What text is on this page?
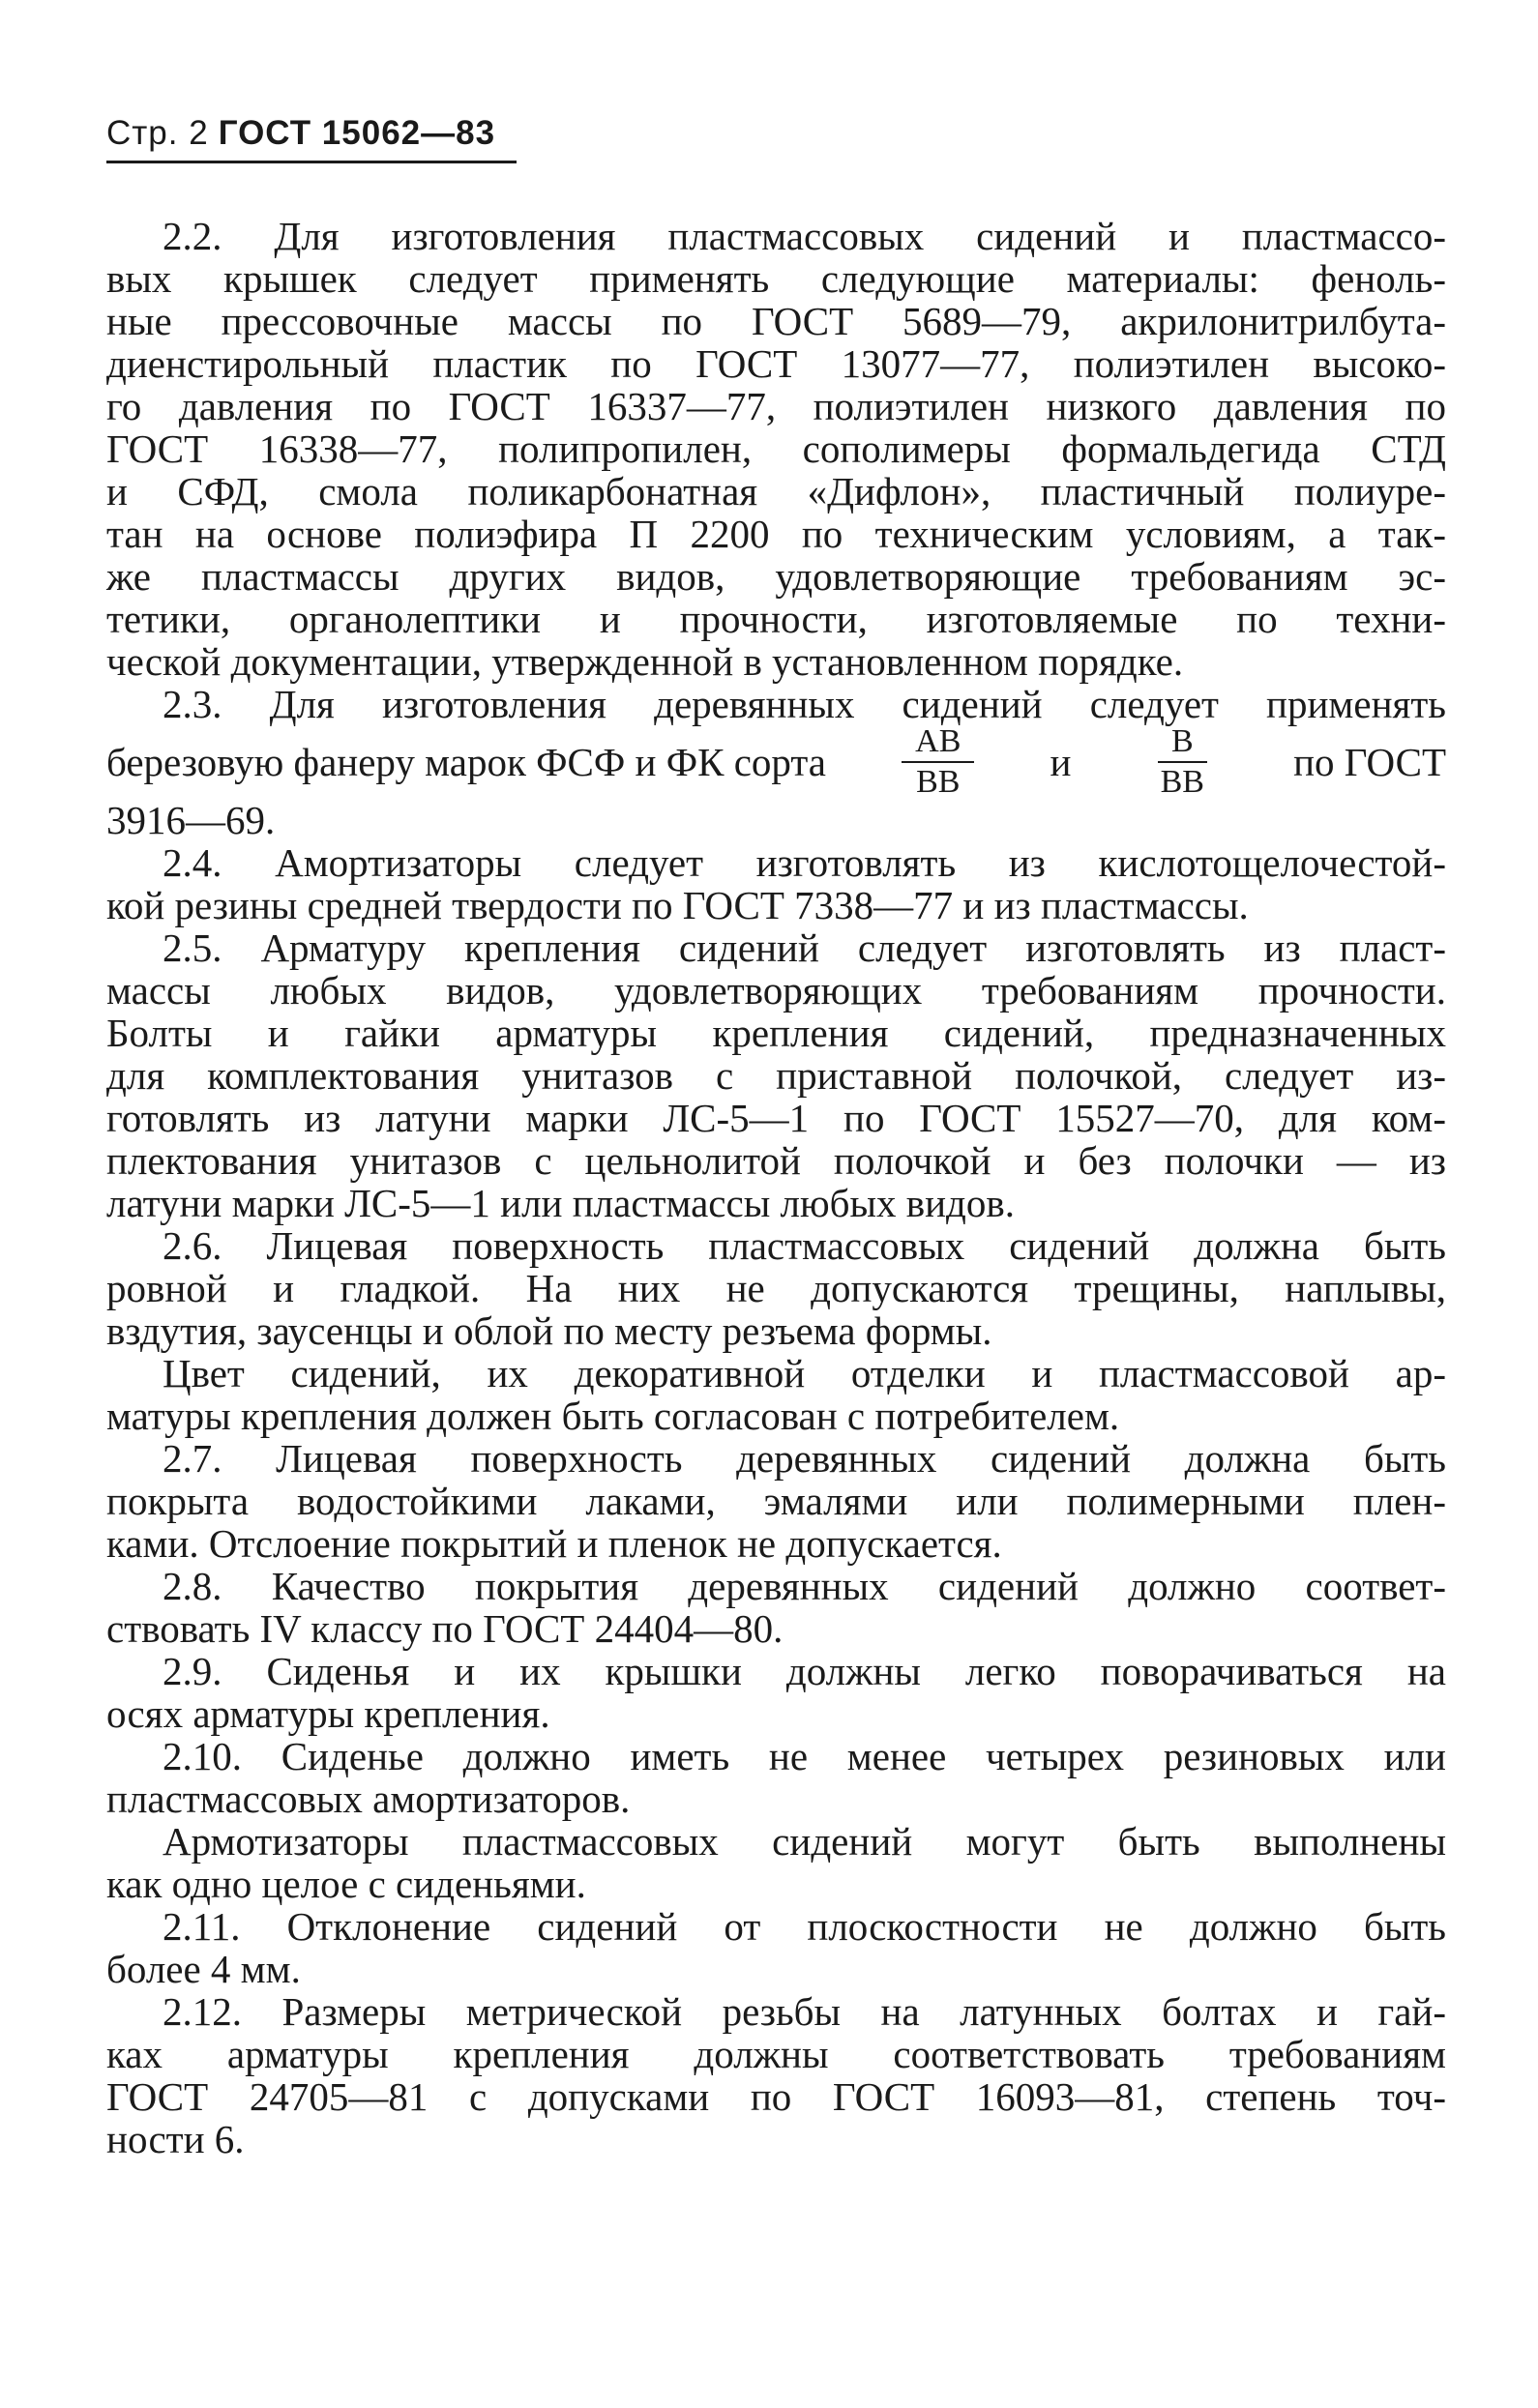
Стр. 2 ГОСТ 15062—83
2.2. Для изготовления пластмассовых сидений и пластмассо-
вых крышек следует применять следующие материалы: феноль-
ные прессовочные массы по ГОСТ 5689—79, акрилонитрилбута-
диенстирольный пластик по ГОСТ 13077—77, полиэтилен высоко-
го давления по ГОСТ 16337—77, полиэтилен низкого давления по
ГОСТ 16338—77, полипропилен, сополимеры формальдегида СТД
и СФД, смола поликарбонатная «Дифлон», пластичный полиуре-
тан на основе полиэфира П 2200 по техническим условиям, а так-
же пластмассы других видов, удовлетворяющие требованиям эс-
тетики, органолептики и прочности, изготовляемые по техни-
ческой документации, утвержденной в установленном порядке.
2.3. Для изготовления деревянных сидений следует применять
березовую фанеру марок ФСФ и ФК сорта $\frac{АВ}{ВВ}$ и $\frac{В}{ВВ}$ по ГОСТ
3916—69.
2.4. Амортизаторы следует изготовлять из кислотощелочестой-
кой резины средней твердости по ГОСТ 7338—77 и из пластмассы.
2.5. Арматуру крепления сидений следует изготовлять из пласт-
массы любых видов, удовлетворяющих требованиям прочности.
Болты и гайки арматуры крепления сидений, предназначенных
для комплектования унитазов с приставной полочкой, следует из-
готовлять из латуни марки ЛС-5—1 по ГОСТ 15527—70, для ком-
плектования унитазов с цельнолитой полочкой и без полочки — из
латуни марки ЛС-5—1 или пластмассы любых видов.
2.6. Лицевая поверхность пластмассовых сидений должна быть
ровной и гладкой. На них не допускаются трещины, наплывы,
вздутия, заусенцы и облой по месту резъема формы.
Цвет сидений, их декоративной отделки и пластмассовой ар-
матуры крепления должен быть согласован с потребителем.
2.7. Лицевая поверхность деревянных сидений должна быть
покрыта водостойкими лаками, эмалями или полимерными плен-
ками. Отслоение покрытий и пленок не допускается.
2.8. Качество покрытия деревянных сидений должно соответ-
ствовать IV классу по ГОСТ 24404—80.
2.9. Сиденья и их крышки должны легко поворачиваться на
осях арматуры крепления.
2.10. Сиденье должно иметь не менее четырех резиновых или
пластмассовых амортизаторов.
Армотизаторы пластмассовых сидений могут быть выполнены
как одно целое с сиденьями.
2.11. Отклонение сидений от плоскостности не должно быть
более 4 мм.
2.12. Размеры метрической резьбы на латунных болтах и гай-
ках арматуры крепления должны соответствовать требованиям
ГОСТ 24705—81 с допусками по ГОСТ 16093—81, степень точ-
ности 6.
